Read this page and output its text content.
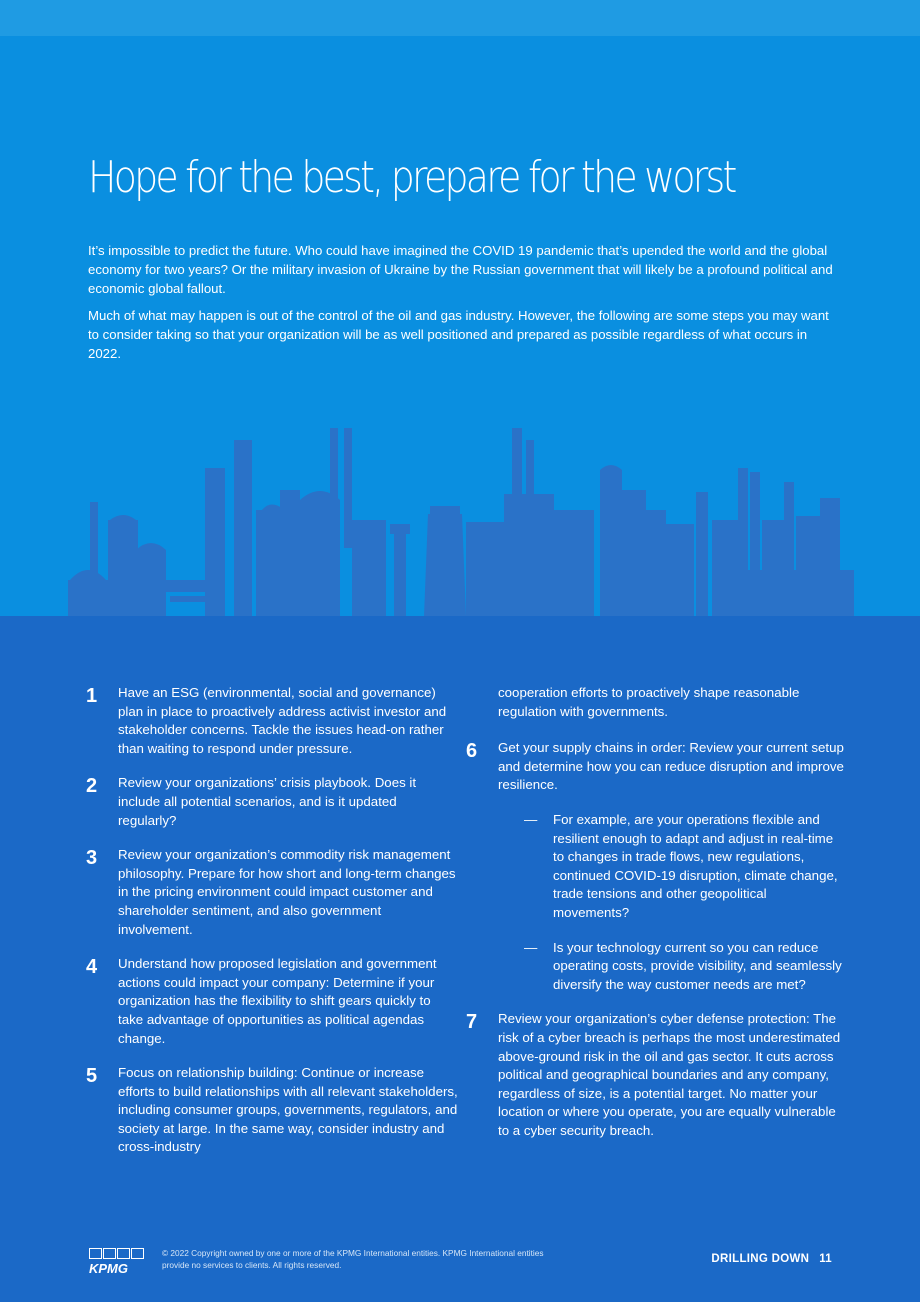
Hope for the best, prepare for the worst

It’s impossible to predict the future. Who could have imagined the COVID 19 pandemic that’s upended the world and the global economy for two years? Or the military invasion of Ukraine by the Russian government that will likely be a profound political and economic global fallout.

Much of what may happen is out of the control of the oil and gas industry. However, the following are some steps you may want to consider taking so that your organization will be as well positioned and prepared as possible regardless of what occurs in 2022.

1 Have an ESG (environmental, social and governance) plan in place to proactively address activist investor and stakeholder concerns. Tackle the issues head-on rather than waiting to respond under pressure.
2 Review your organizations’ crisis playbook. Does it include all potential scenarios, and is it updated regularly?
3 Review your organization’s commodity risk management philosophy. Prepare for how short and long-term changes in the pricing environment could impact customer and shareholder sentiment, and also government involvement.
4 Understand how proposed legislation and government actions could impact your company: Determine if your organization has the flexibility to shift gears quickly to take advantage of opportunities as political agendas change.
5 Focus on relationship building: Continue or increase efforts to build relationships with all relevant stakeholders, including consumer groups, governments, regulators, and society at large. In the same way, consider industry and cross-industry
cooperation efforts to proactively shape reasonable regulation with governments.
6 Get your supply chains in order: Review your current setup and determine how you can reduce disruption and improve resilience.
— For example, are your operations flexible and resilient enough to adapt and adjust in real-time to changes in trade flows, new regulations, continued COVID-19 disruption, climate change, trade tensions and other geopolitical movements?
— Is your technology current so you can reduce operating costs, provide visibility, and seamlessly diversify the way customer needs are met?
7 Review your organization’s cyber defense protection: The risk of a cyber breach is perhaps the most underestimated above-ground risk in the oil and gas sector. It cuts across political and geographical boundaries and any company, regardless of size, is a potential target. No matter your location or where you operate, you are equally vulnerable to a cyber security breach.
KPMG
© 2022 Copyright owned by one or more of the KPMG International entities. KPMG International entities provide no services to clients. All rights reserved.	DRILLING DOWN 11
